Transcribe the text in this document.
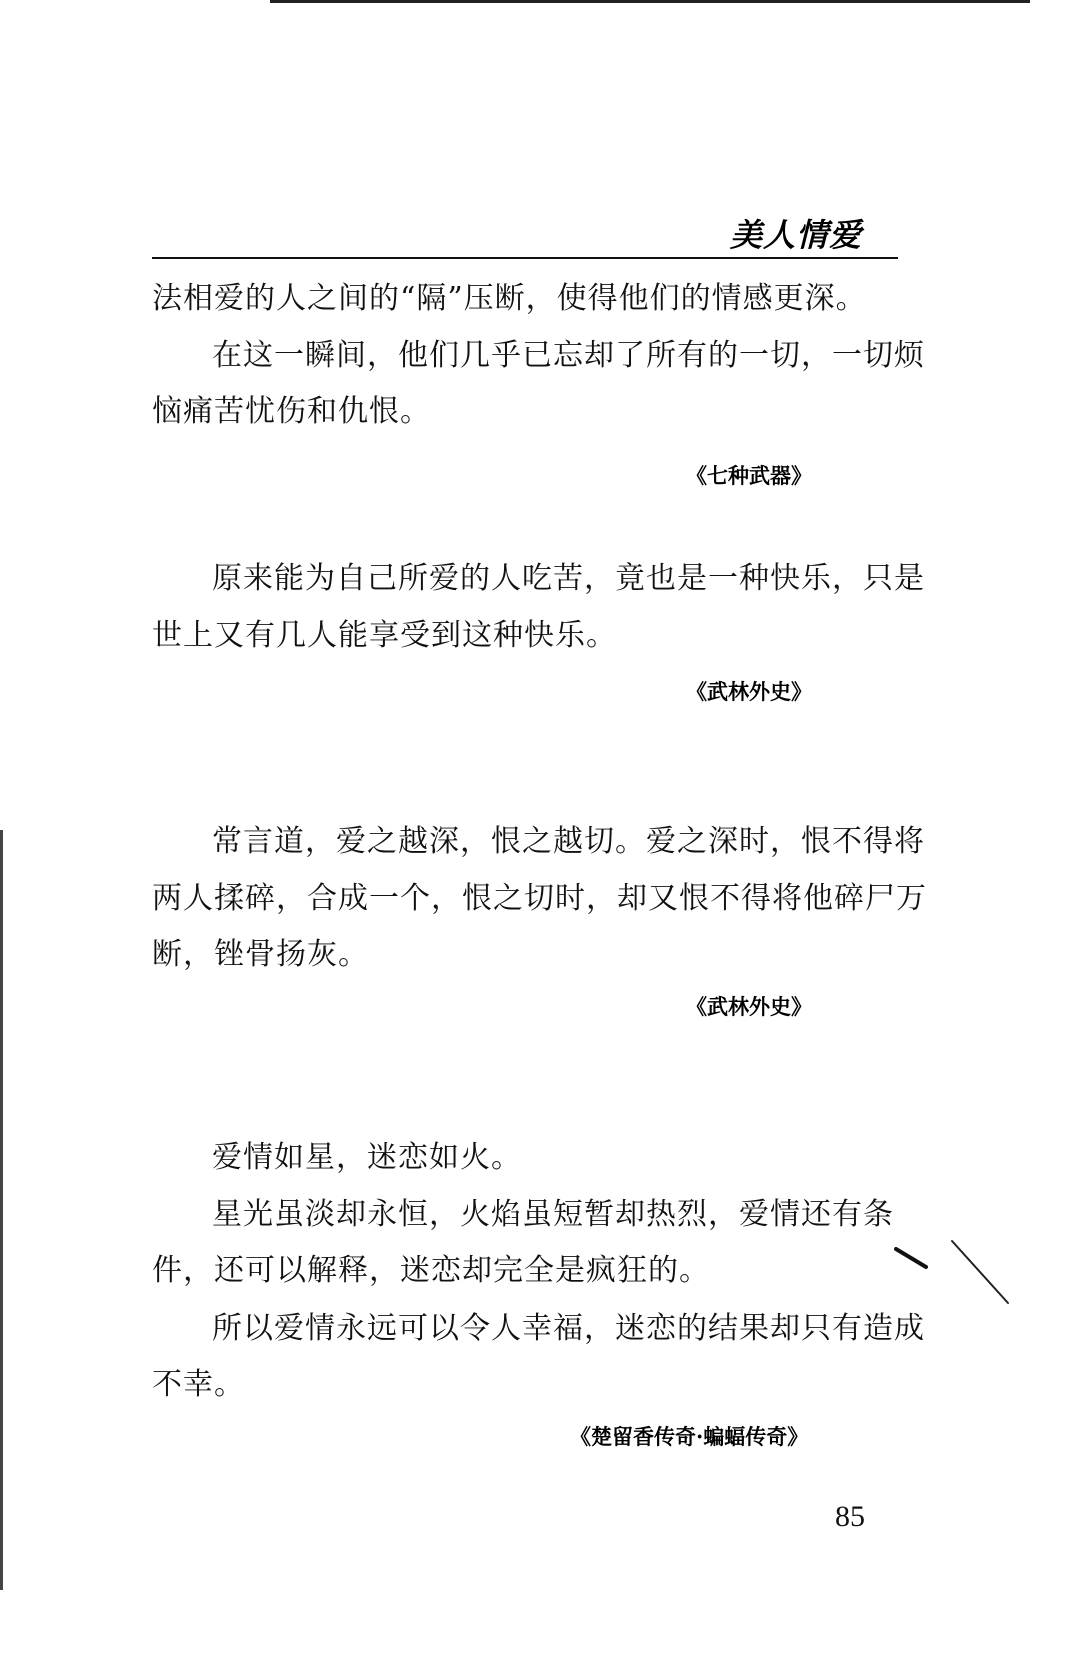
美人情爱
法相爱的人之间的“隔”压断，使得他们的情感更深。
在这一瞬间，他们几乎已忘却了所有的一切，一切烦
恼痛苦忧伤和仇恨。
《七种武器》
原来能为自己所爱的人吃苦，竟也是一种快乐，只是
世上又有几人能享受到这种快乐。
《武林外史》
常言道，爱之越深，恨之越切。爱之深时，恨不得将
两人揉碎，合成一个，恨之切时，却又恨不得将他碎尸万
断，锉骨扬灰。
《武林外史》
爱情如星，迷恋如火。
星光虽淡却永恒，火焰虽短暂却热烈，爱情还有条
件，还可以解释，迷恋却完全是疯狂的。
所以爱情永远可以令人幸福，迷恋的结果却只有造成
不幸。
《楚留香传奇·蝙蝠传奇》
85
